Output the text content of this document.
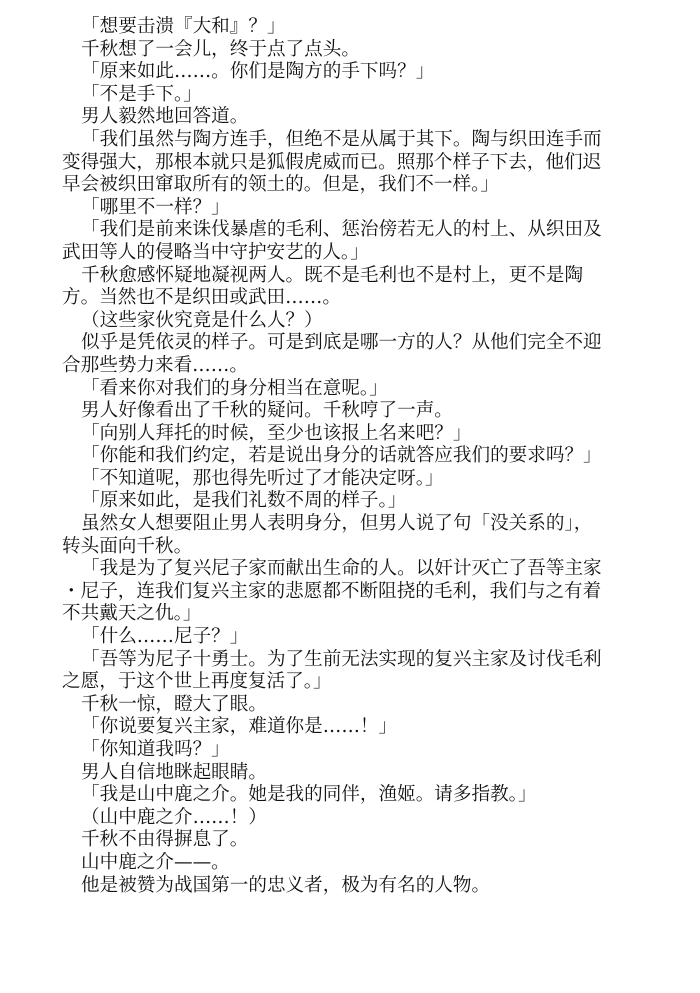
「想要击溃『大和』？」
千秋想了一会儿，终于点了点头。
「原来如此……。你们是陶方的手下吗？」
「不是手下。」
男人毅然地回答道。
「我们虽然与陶方连手，但绝不是从属于其下。陶与织田连手而
变得强大，那根本就只是狐假虎威而已。照那个样子下去，他们迟
早会被织田窜取所有的领土的。但是，我们不一样。」
「哪里不一样？」
「我们是前来诛伐暴虐的毛利、惩治傍若无人的村上、从织田及
武田等人的侵略当中守护安艺的人。」
千秋愈感怀疑地凝视两人。既不是毛利也不是村上，更不是陶
方。当然也不是织田或武田……。
（这些家伙究竟是什么人？）
似乎是凭依灵的样子。可是到底是哪一方的人？从他们完全不迎
合那些势力来看……。
「看来你对我们的身分相当在意呢。」
男人好像看出了千秋的疑问。千秋哼了一声。
「向别人拜托的时候，至少也该报上名来吧？」
「你能和我们约定，若是说出身分的话就答应我们的要求吗？」
「不知道呢，那也得先听过了才能决定呀。」
「原来如此，是我们礼数不周的样子。」
虽然女人想要阻止男人表明身分，但男人说了句「没关系的」，
转头面向千秋。
「我是为了复兴尼子家而献出生命的人。以奸计灭亡了吾等主家
・尼子，连我们复兴主家的悲愿都不断阻挠的毛利，我们与之有着
不共戴天之仇。」
「什么……尼子？」
「吾等为尼子十勇士。为了生前无法实现的复兴主家及讨伐毛利
之愿，于这个世上再度复活了。」
千秋一惊，瞪大了眼。
「你说要复兴主家，难道你是……！」
「你知道我吗？」
男人自信地眯起眼睛。
「我是山中鹿之介。她是我的同伴，渔姬。请多指教。」
（山中鹿之介……！）
千秋不由得摒息了。
山中鹿之介——。
他是被赞为战国第一的忠义者，极为有名的人物。
